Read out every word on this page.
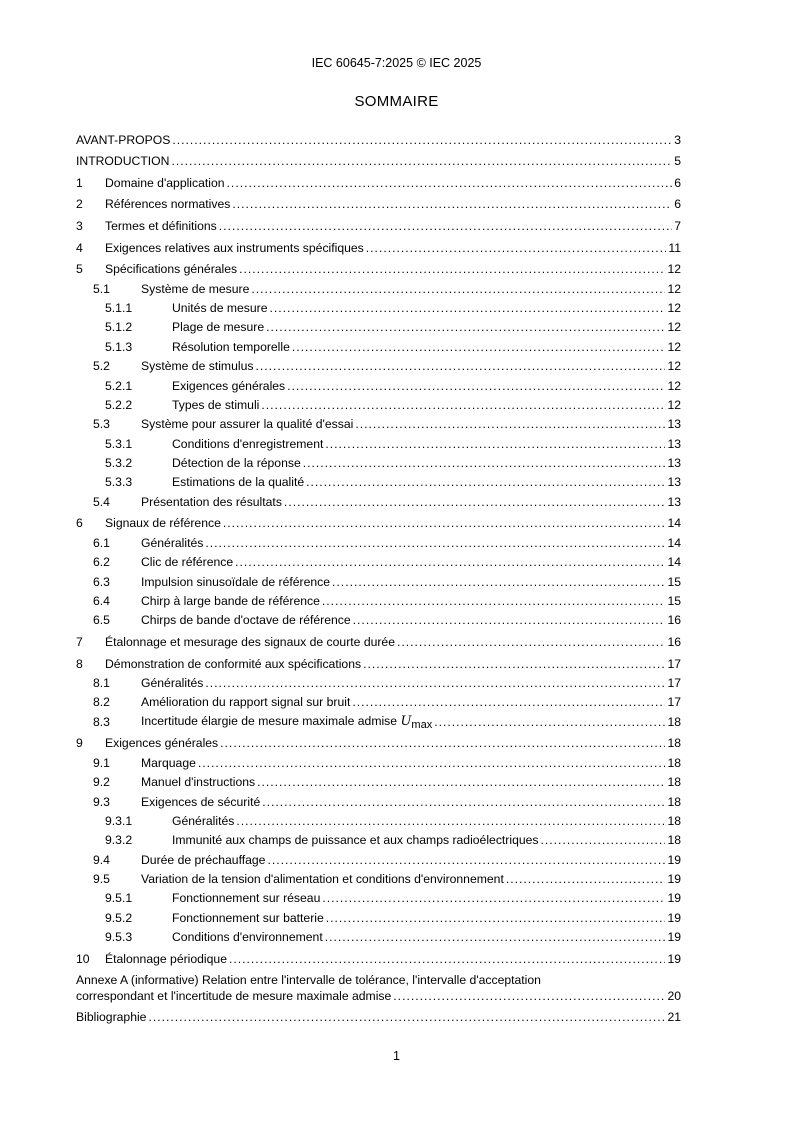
IEC 60645-7:2025 © IEC 2025
SOMMAIRE
AVANT-PROPOS .....	3
INTRODUCTION .....	5
1	Domaine d'application .....	6
2	Références normatives .....	6
3	Termes et définitions .....	7
4	Exigences relatives aux instruments spécifiques .....	11
5	Spécifications générales .....	12
5.1	Système de mesure .....	12
5.1.1	Unités de mesure .....	12
5.1.2	Plage de mesure .....	12
5.1.3	Résolution temporelle .....	12
5.2	Système de stimulus .....	12
5.2.1	Exigences générales .....	12
5.2.2	Types de stimuli .....	12
5.3	Système pour assurer la qualité d'essai .....	13
5.3.1	Conditions d'enregistrement .....	13
5.3.2	Détection de la réponse .....	13
5.3.3	Estimations de la qualité .....	13
5.4	Présentation des résultats .....	13
6	Signaux de référence .....	14
6.1	Généralités .....	14
6.2	Clic de référence .....	14
6.3	Impulsion sinusoïdale de référence .....	15
6.4	Chirp à large bande de référence .....	15
6.5	Chirps de bande d'octave de référence .....	16
7	Étalonnage et mesurage des signaux de courte durée .....	16
8	Démonstration de conformité aux spécifications .....	17
8.1	Généralités .....	17
8.2	Amélioration du rapport signal sur bruit .....	17
8.3	Incertitude élargie de mesure maximale admise Umax .....	18
9	Exigences générales .....	18
9.1	Marquage .....	18
9.2	Manuel d'instructions .....	18
9.3	Exigences de sécurité .....	18
9.3.1	Généralités .....	18
9.3.2	Immunité aux champs de puissance et aux champs radioélectriques .....	18
9.4	Durée de préchauffage .....	19
9.5	Variation de la tension d'alimentation et conditions d'environnement .....	19
9.5.1	Fonctionnement sur réseau .....	19
9.5.2	Fonctionnement sur batterie .....	19
9.5.3	Conditions d'environnement .....	19
10	Étalonnage périodique .....	19
Annexe A (informative) Relation entre l'intervalle de tolérance, l'intervalle d'acceptation
correspondant et l'incertitude de mesure maximale admise .....	20
Bibliographie .....	21
1
